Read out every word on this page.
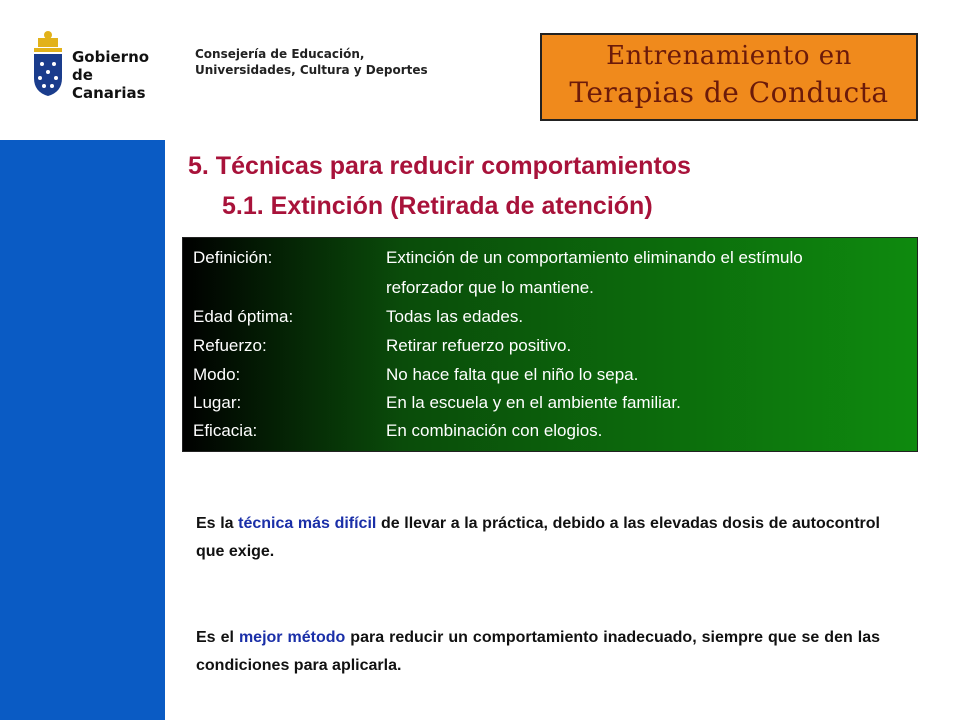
Gobierno
de Canarias
Consejería de Educación,
Universidades, Cultura y Deportes	Entrenamiento en
Terapias de Conducta
5. Técnicas para reducir comportamientos
5.1. Extinción (Retirada de atención)
Definición:	Extinción de un comportamiento eliminando el estímulo
reforzador que lo mantiene.
Edad óptima:	Todas las edades.
Refuerzo:	Retirar refuerzo positivo.
Modo:	No hace falta que el niño lo sepa.
Lugar:	En la escuela y en el ambiente familiar.
Eficacia:	En combinación con elogios.
Es la técnica más difícil de llevar a la práctica, debido a las elevadas dosis de autocontrol que exige.
Es el mejor método para reducir un comportamiento inadecuado, siempre que se den las condiciones para aplicarla.
